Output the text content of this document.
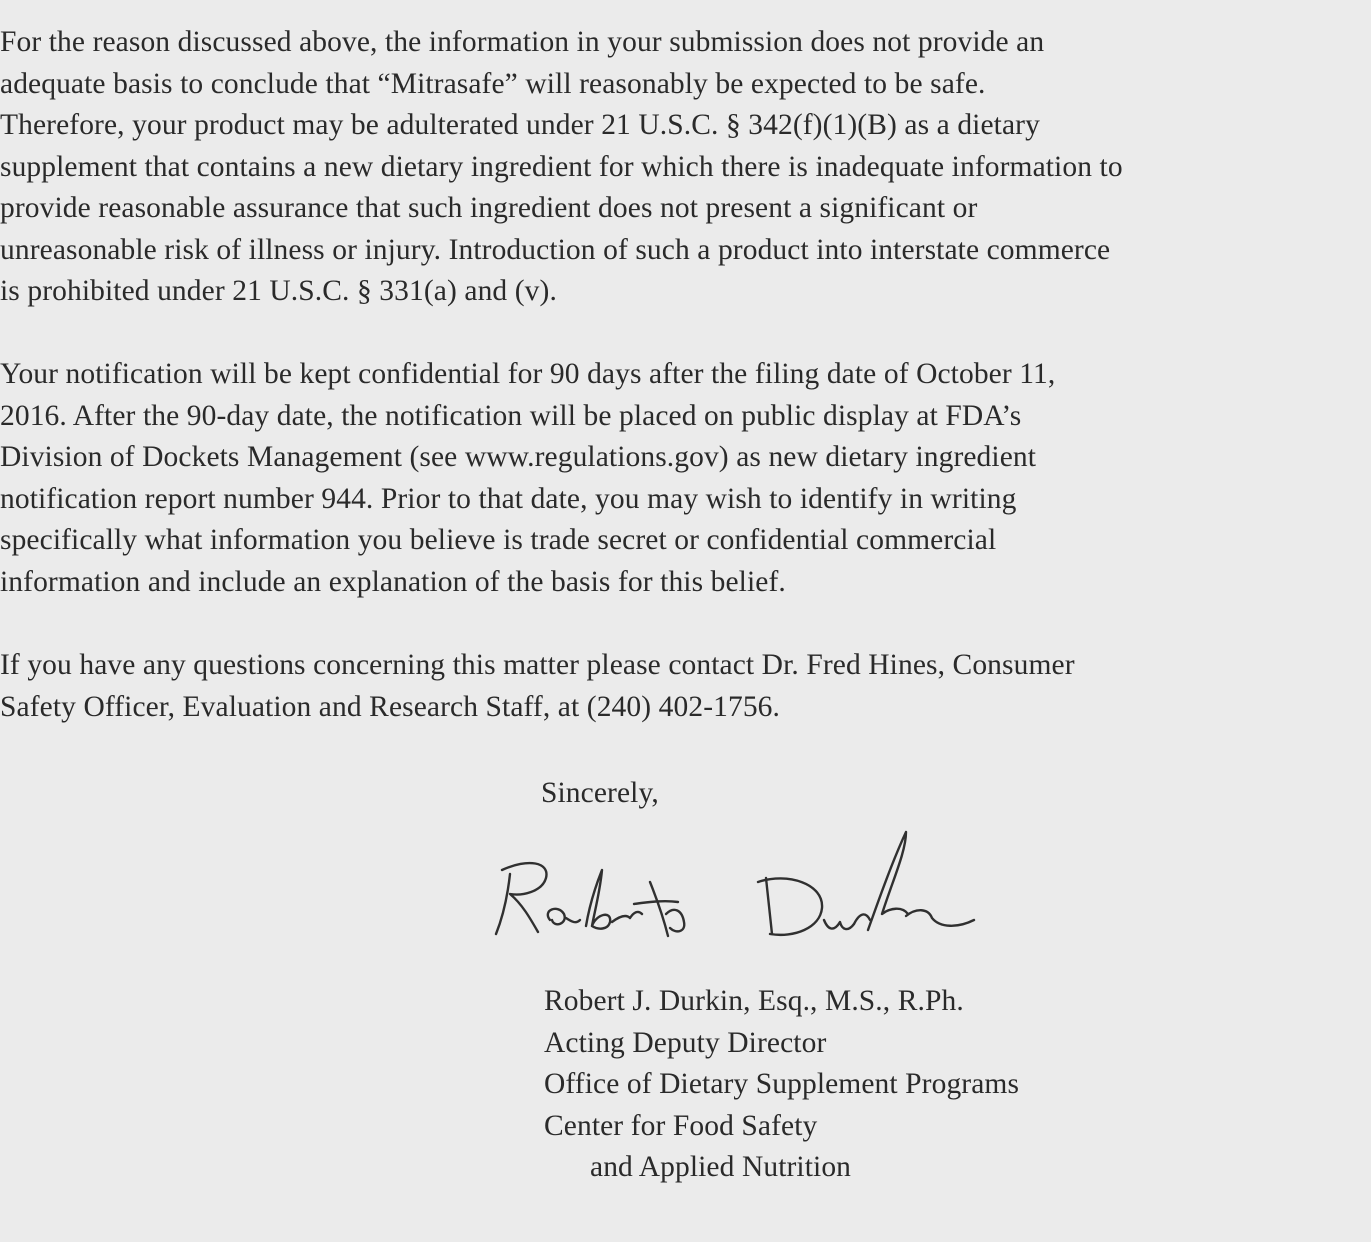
For the reason discussed above, the information in your submission does not provide an
adequate basis to conclude that “Mitrasafe” will reasonably be expected to be safe.
Therefore, your product may be adulterated under 21 U.S.C. § 342(f)(1)(B) as a dietary
supplement that contains a new dietary ingredient for which there is inadequate information to
provide reasonable assurance that such ingredient does not present a significant or
unreasonable risk of illness or injury. Introduction of such a product into interstate commerce
is prohibited under 21 U.S.C. § 331(a) and (v).
Your notification will be kept confidential for 90 days after the filing date of October 11,
2016. After the 90-day date, the notification will be placed on public display at FDA’s
Division of Dockets Management (see www.regulations.gov) as new dietary ingredient
notification report number 944. Prior to that date, you may wish to identify in writing
specifically what information you believe is trade secret or confidential commercial
information and include an explanation of the basis for this belief.
If you have any questions concerning this matter please contact Dr. Fred Hines, Consumer
Safety Officer, Evaluation and Research Staff, at (240) 402-1756.
Sincerely,
Robert J. Durkin, Esq., M.S., R.Ph.
Acting Deputy Director
Office of Dietary Supplement Programs
Center for Food Safety
and Applied Nutrition
